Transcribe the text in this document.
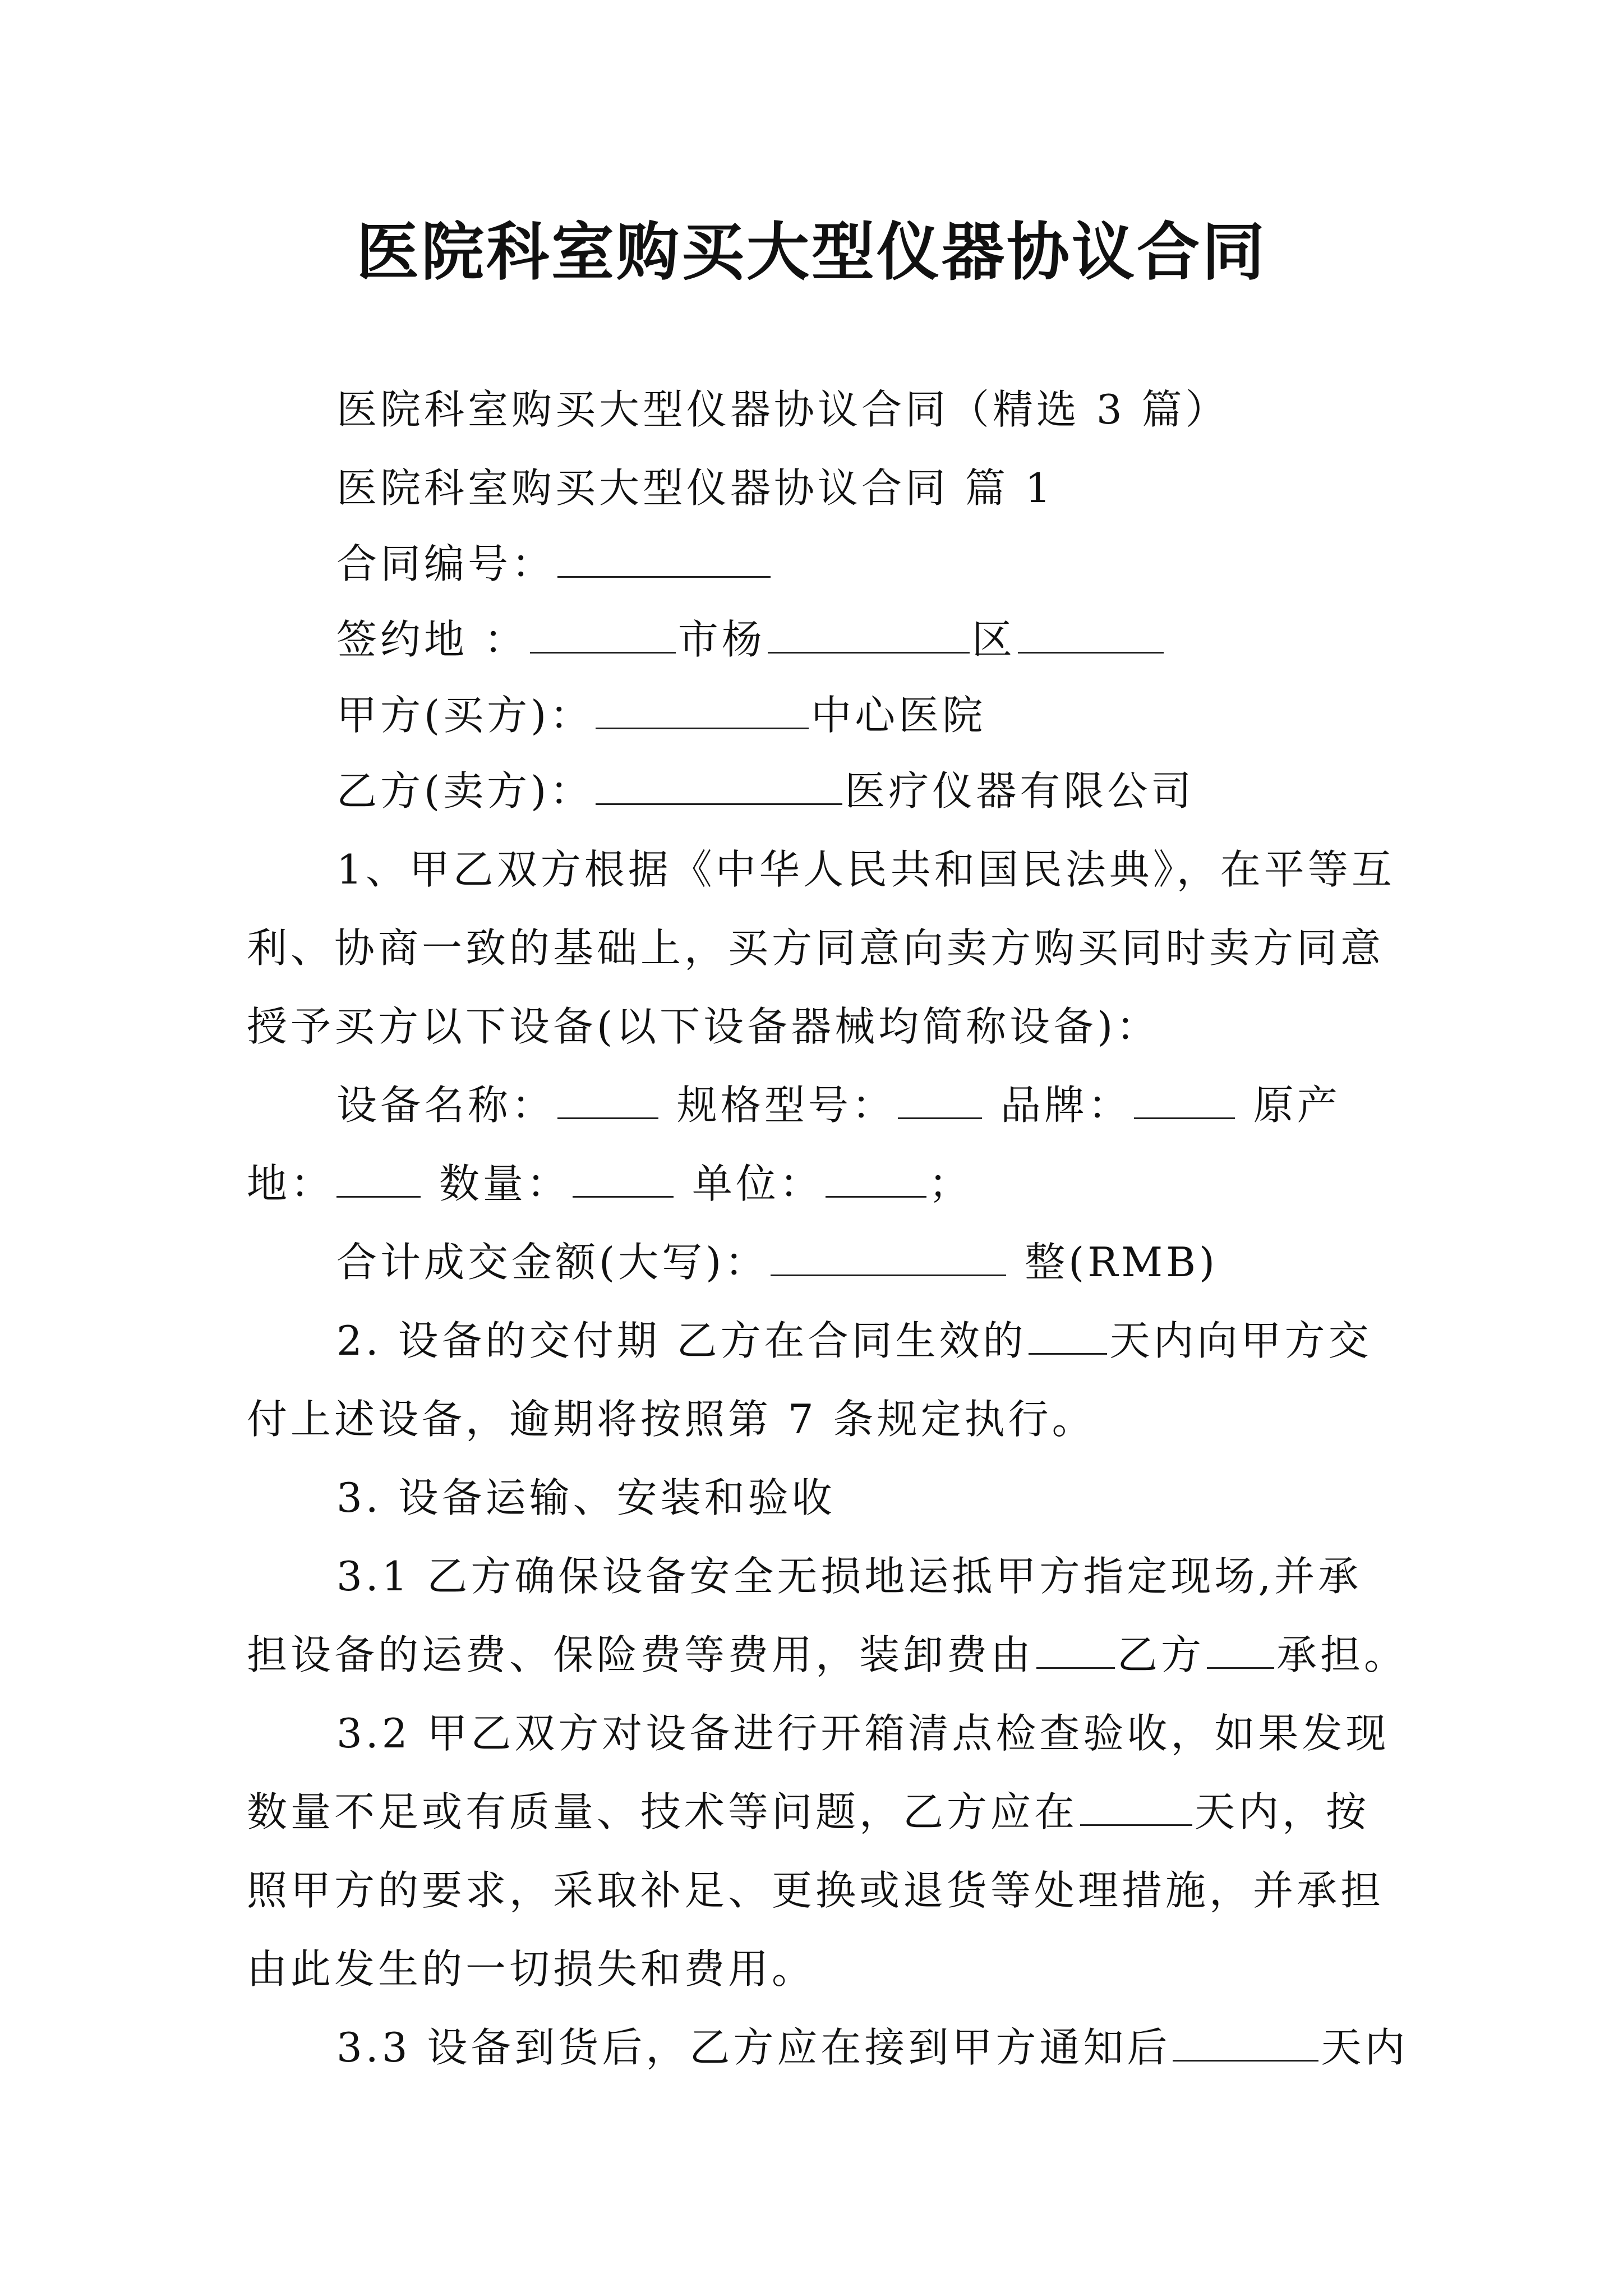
医院科室购买大型仪器协议合同
医院科室购买大型仪器协议合同（精选 3 篇）
医院科室购买大型仪器协议合同 篇 1
合同编号：
签约地 ：	市杨	区
甲方(买方)：	中心医院
乙方(卖方)：	医疗仪器有限公司
1、甲乙双方根据《中华人民共和国民法典》，在平等互
利、协商一致的基础上，买方同意向卖方购买同时卖方同意
授予买方以下设备(以下设备器械均简称设备)：
设备名称：	规格型号：	品牌：	原产
地：	数量：	单位：	；
合计成交金额(大写)：	整(RMB)
2. 设备的交付期 乙方在合同生效的 天内向甲方交
付上述设备，逾期将按照第 7 条规定执行。
3. 设备运输、安装和验收
3.1 乙方确保设备安全无损地运抵甲方指定现场,并承
担设备的运费、保险费等费用，装卸费由 乙方 承担。
3.2 甲乙双方对设备进行开箱清点检查验收，如果发现
数量不足或有质量、技术等问题，乙方应在	天内，按
照甲方的要求，采取补足、更换或退货等处理措施，并承担
由此发生的一切损失和费用。
3.3 设备到货后，乙方应在接到甲方通知后	天内
